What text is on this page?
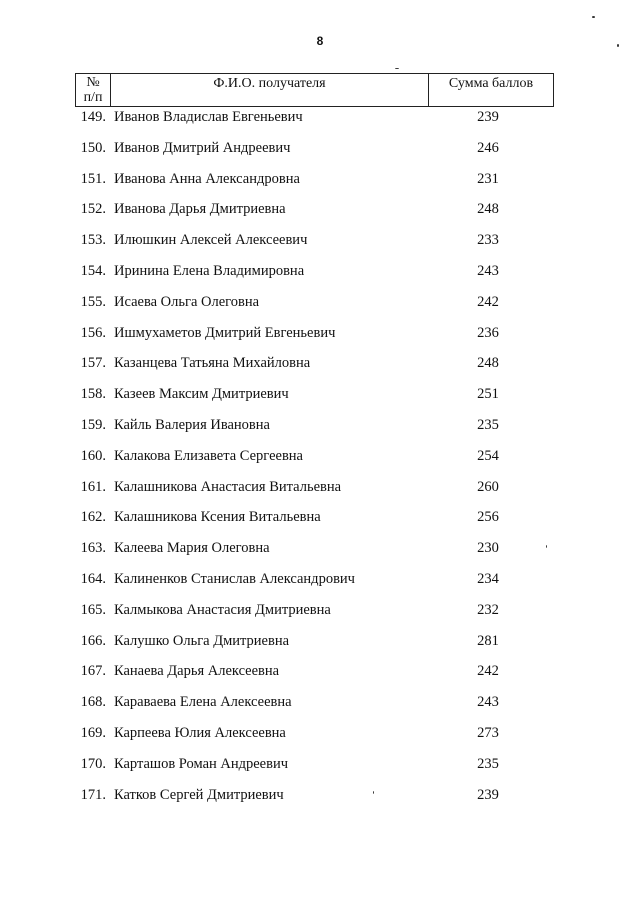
8
№
п/п
Ф.И.О. получателя	Сумма баллов
149. Иванов Владислав Евгеньевич	239
150. Иванов Дмитрий Андреевич	246
151. Иванова Анна Александровна	231
152. Иванова Дарья Дмитриевна	248
153. Илюшкин Алексей Алексеевич	233
154. Иринина Елена Владимировна	243
155. Исаева Ольга Олеговна	242
156. Ишмухаметов Дмитрий Евгеньевич	236
157. Казанцева Татьяна Михайловна	248
158. Казеев Максим Дмитриевич	251
159. Кайль Валерия Ивановна	235
160. Калакова Елизавета Сергеевна	254
161. Калашникова Анастасия Витальевна	260
162. Калашникова Ксения Витальевна	256
163. Калеева Мария Олеговна	230
164. Калиненков Станислав Александрович	234
165. Калмыкова Анастасия Дмитриевна	232
166. Калушко Ольга Дмитриевна	281
167. Канаева Дарья Алексеевна	242
168. Караваева Елена Алексеевна	243
169. Карпеева Юлия Алексеевна	273
170. Карташов Роман Андреевич	235
171. Катков Сергей Дмитриевич	239
